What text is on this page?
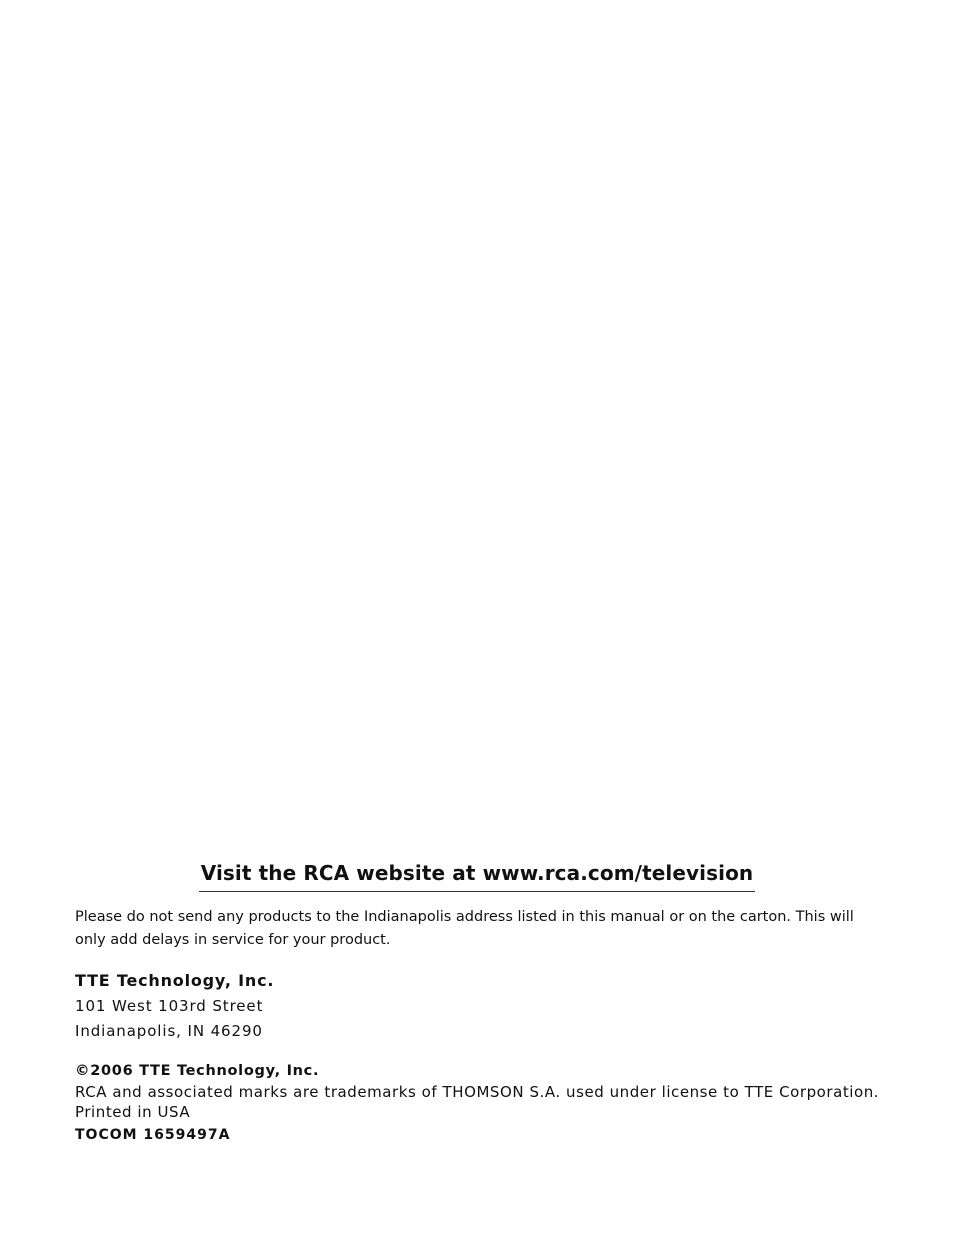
Visit the RCA website at www.rca.com/television

Please do not send any products to the Indianapolis address listed in this manual or on the carton. This will only add delays in service for your product.

TTE Technology, Inc.

101 West 103rd Street

Indianapolis, IN 46290

©2006 TTE Technology, Inc.

RCA and associated marks are trademarks of THOMSON S.A. used under license to TTE Corporation.

Printed in USA

TOCOM 1659497A
